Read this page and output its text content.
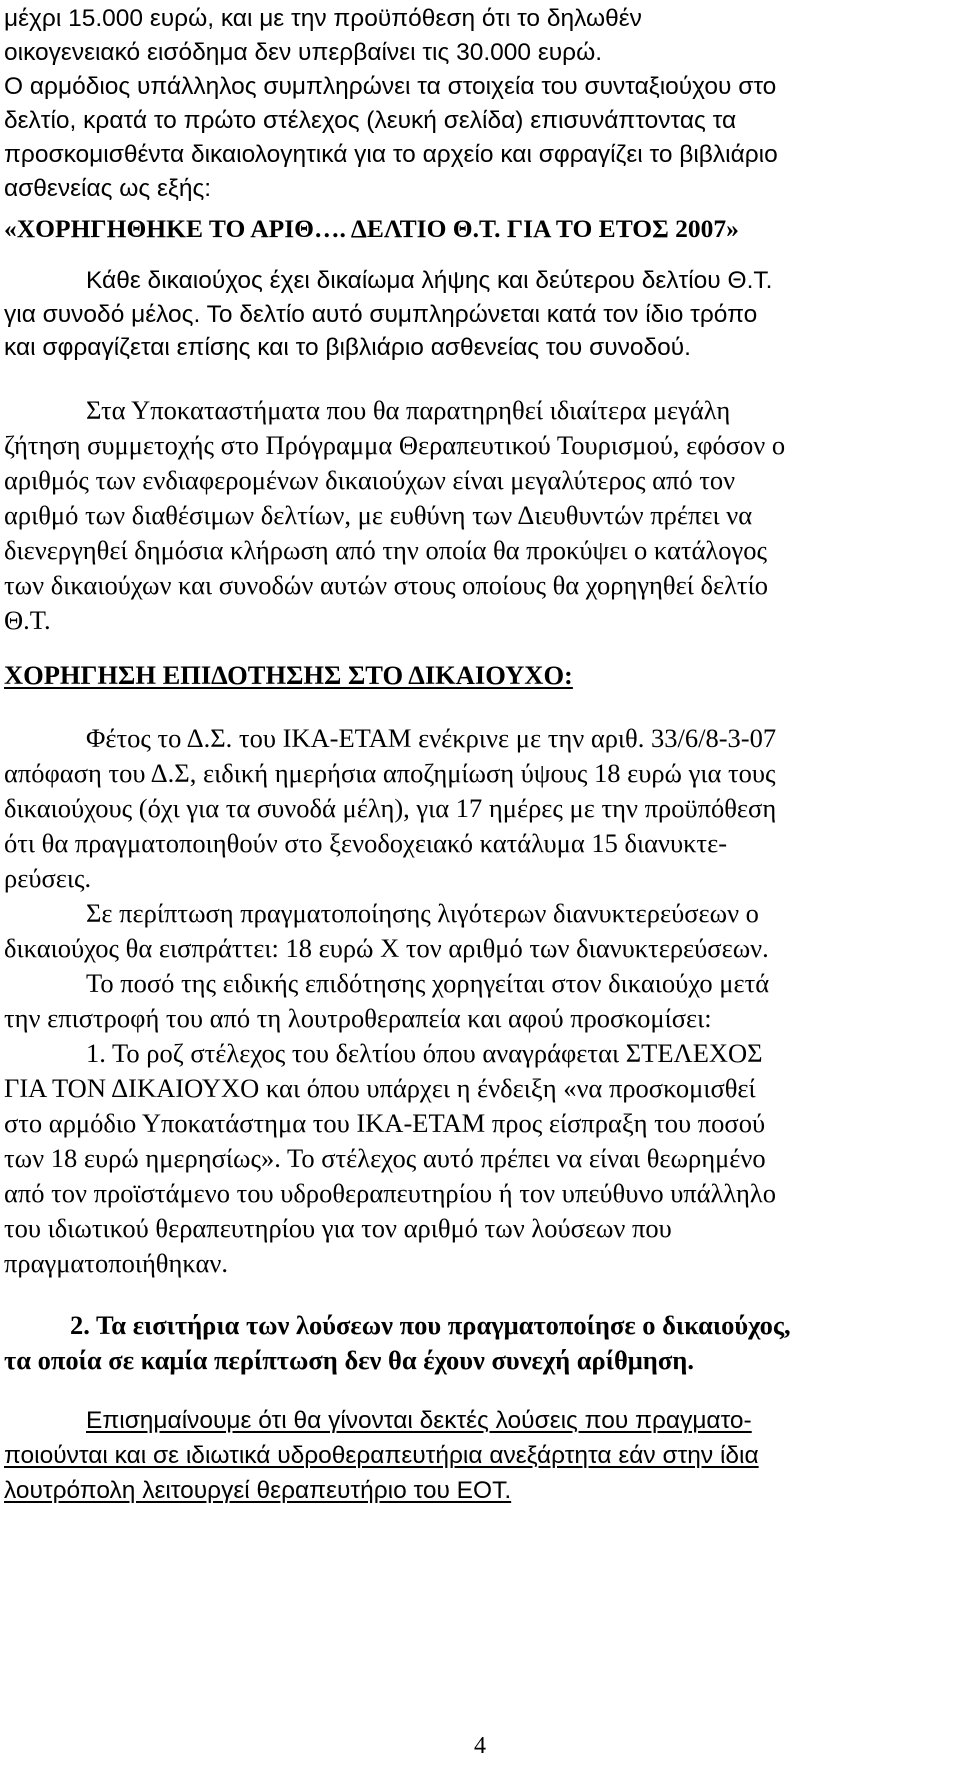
μέχρι 15.000 ευρώ, και με την προϋπόθεση ότι το δηλωθέν

οικογενειακό εισόδημα δεν υπερβαίνει τις 30.000 ευρώ.

Ο αρμόδιος υπάλληλος συμπληρώνει τα στοιχεία του συνταξιούχου στο

δελτίο, κρατά το πρώτο στέλεχος (λευκή σελίδα) επισυνάπτοντας τα

προσκομισθέντα δικαιολογητικά για το αρχείο και σφραγίζει το βιβλιάριο

ασθενείας ως εξής:

«ΧΟΡΗΓΗΘΗΚΕ ΤΟ ΑΡΙΘ…. ΔΕΛΤΙΟ Θ.Τ. ΓΙΑ ΤΟ ΕΤΟΣ 2007»

Κάθε δικαιούχος έχει δικαίωμα λήψης και δεύτερου δελτίου Θ.Τ.

για συνοδό μέλος. Το δελτίο αυτό συμπληρώνεται κατά τον ίδιο τρόπο

και σφραγίζεται επίσης και το βιβλιάριο ασθενείας του συνοδού.

Στα Υποκαταστήματα που θα παρατηρηθεί ιδιαίτερα μεγάλη

ζήτηση συμμετοχής στο Πρόγραμμα Θεραπευτικού Τουρισμού, εφόσον ο

αριθμός των ενδιαφερομένων δικαιούχων είναι μεγαλύτερος από τον

αριθμό των διαθέσιμων δελτίων, με ευθύνη των Διευθυντών πρέπει να

διενεργηθεί δημόσια κλήρωση από την οποία θα προκύψει ο κατάλογος

των δικαιούχων και συνοδών αυτών στους οποίους θα χορηγηθεί δελτίο

Θ.Τ.

ΧΟΡΗΓΗΣΗ ΕΠΙΔΟΤΗΣΗΣ ΣΤΟ ΔΙΚΑΙΟΥΧΟ:

Φέτος το Δ.Σ. του ΙΚΑ-ΕΤΑΜ ενέκρινε με την αριθ. 33/6/8-3-07

απόφαση του Δ.Σ, ειδική ημερήσια αποζημίωση ύψους 18 ευρώ για τους

δικαιούχους (όχι για τα συνοδά μέλη), για 17 ημέρες με την προϋπόθεση

ότι θα πραγματοποιηθούν στο ξενοδοχειακό κατάλυμα 15 διανυκτε-

ρεύσεις.

Σε περίπτωση πραγματοποίησης λιγότερων διανυκτερεύσεων ο

δικαιούχος θα εισπράττει: 18 ευρώ Χ τον αριθμό των διανυκτερεύσεων.

Το ποσό της ειδικής επιδότησης χορηγείται στον δικαιούχο μετά

την επιστροφή του από τη λουτροθεραπεία και αφού προσκομίσει:

1. Το ροζ στέλεχος του δελτίου όπου αναγράφεται ΣΤΕΛΕΧΟΣ

ΓΙΑ ΤΟΝ ΔΙΚΑΙΟΥΧΟ και όπου υπάρχει η ένδειξη «να προσκομισθεί

στο αρμόδιο Υποκατάστημα του ΙΚΑ-ΕΤΑΜ προς είσπραξη του ποσού

των 18 ευρώ ημερησίως». Το στέλεχος αυτό πρέπει να είναι θεωρημένο

από τον προϊστάμενο του υδροθεραπευτηρίου ή τον υπεύθυνο υπάλληλο

του ιδιωτικού θεραπευτηρίου για τον αριθμό των λούσεων που

πραγματοποιήθηκαν.

2. Τα εισιτήρια των λούσεων που πραγματοποίησε ο δικαιούχος,

τα οποία σε καμία περίπτωση δεν θα έχουν συνεχή αρίθμηση.

Επισημαίνουμε ότι θα γίνονται δεκτές λούσεις που πραγματο-

ποιούνται και σε ιδιωτικά υδροθεραπευτήρια ανεξάρτητα εάν στην ίδια

λουτρόπολη λειτουργεί θεραπευτήριο του ΕΟΤ.

4
